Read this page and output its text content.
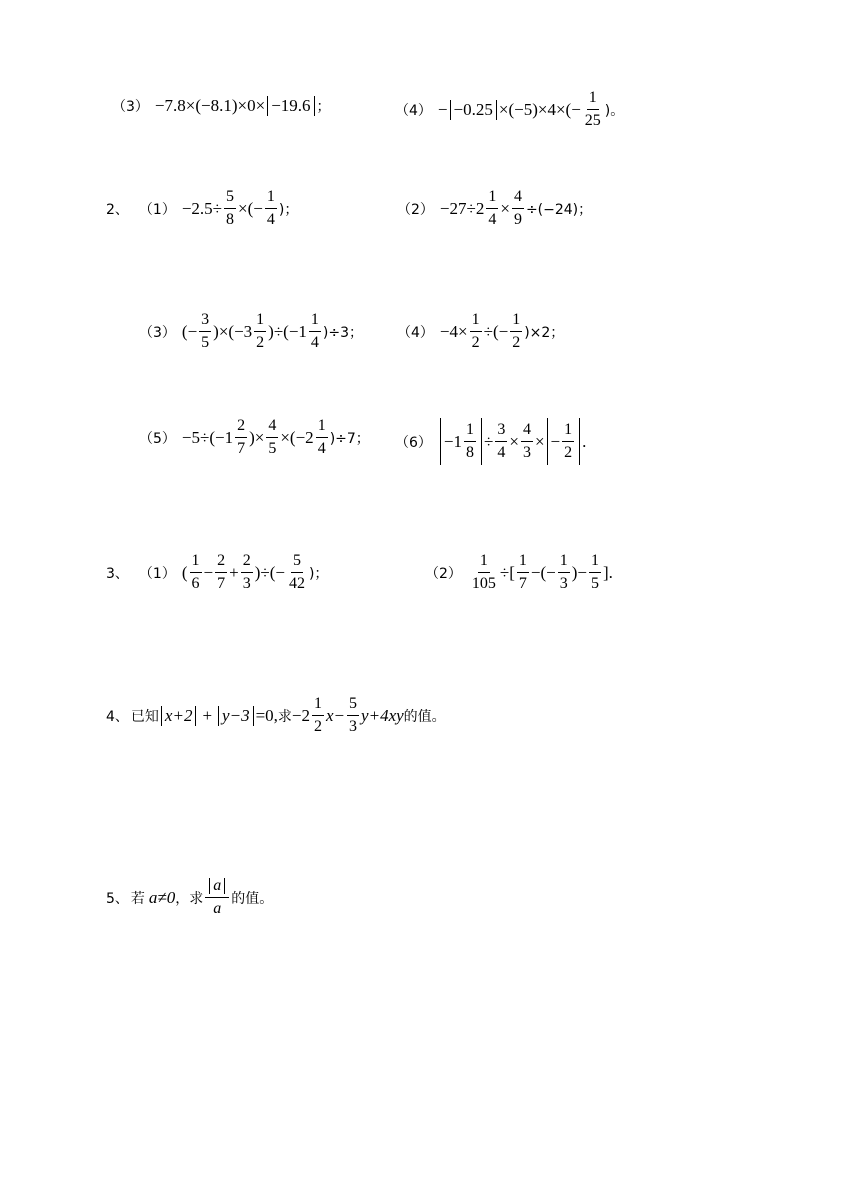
（3） −7.8×(−8.1)×0× −19.6 ；	$(4) - -0.25 \times(-5)\times 4\times(- \frac{1}{25}$ )。
2、 $(1) -2.5\div \frac{5}{8}$ ×(− $\frac{1}{4}$ )；	$(2) -27\div 2 \frac{1}{4} \times \frac{4}{9} \div(-24)$；
（3） (− $\frac{3}{5} )\times(-3 \frac{1}{2} )\div(-1 \frac{1}{4} )\div 3$； $(4) -4\times \frac{1}{2}$ ÷(− $\frac{1}{2} )\times 2$；
$(5) -5\div(-1 \frac{2}{7}$ )× $\frac{4}{5} \times(-2 \frac{1}{4} )\div 7$； $(6) -1 \frac{1}{8} \div \frac{3}{4} \times \frac{4}{3}$ × − $\frac{1}{2}$ .
3、 （1） ( $\frac{1}{6} - \frac{2}{7} + \frac{2}{3}$ )÷(− $\frac{5}{42}$ )；	$(2) \frac{1}{105}$ ÷[ $\frac{1}{7}$ −(− $\frac{1}{3}$ )− $\frac{1}{5}$ ].
4、 已知 x+2 + y−3 =0, 求 $-2 \frac{1}{2} x- \frac{5}{3} y+4xy$ 的值。
5、 若 a≠0 ，求 $\frac{a}{a}$ 的值。
